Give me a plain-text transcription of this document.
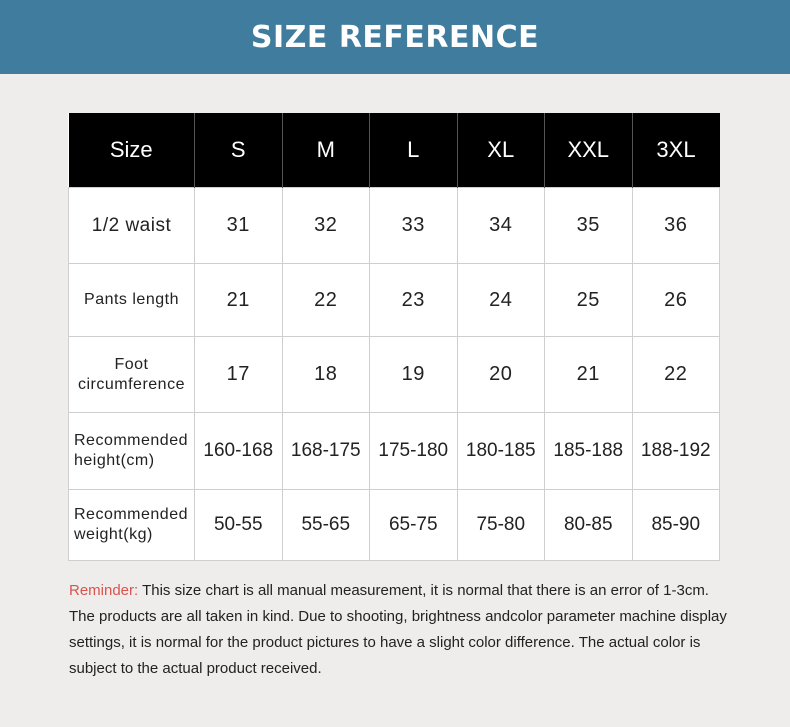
SIZE REFERENCE
Size	S	M	L	XL	XXL	3XL

1/2 waist	31	32	33	34	35	36

Pants length	21	22	23	24	25	26

Foot
circumference	17	18	19	20	21	22

Recommended
height(cm)	160-168	168-175	175-180	180-185	185-188	188-192

Recommended
weight(kg)	50-55	55-65	65-75	75-80	80-85	85-90

Reminder: This size chart is all manual measurement, it is normal that there is an error of 1-3cm. The products are all taken in kind. Due to shooting, brightness andcolor parameter machine display settings, it is normal for the product pictures to have a slight color difference. The actual color is subject to the actual product received.
